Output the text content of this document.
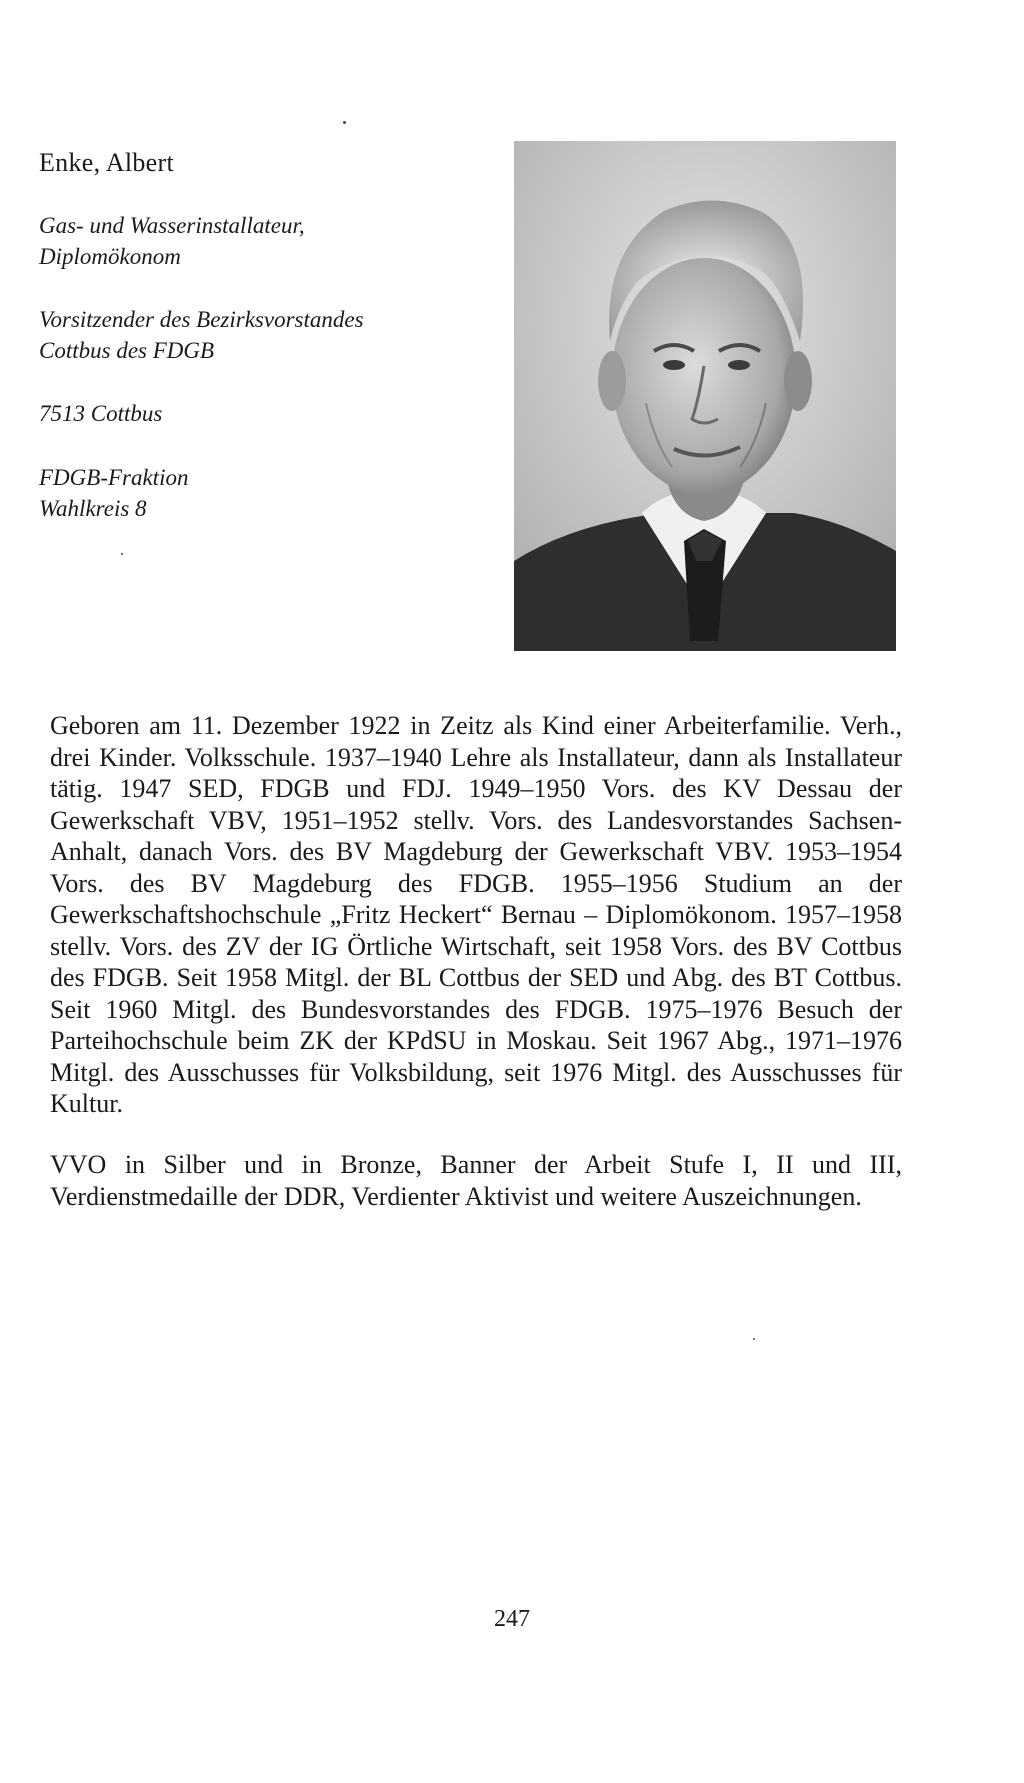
Enke, Albert
Gas- und Wasserinstallateur,
Diplomökonom
Vorsitzender des Bezirksvorstandes
Cottbus des FDGB
7513 Cottbus
FDGB-Fraktion
Wahlkreis 8

Geboren am 11. Dezember 1922 in Zeitz als Kind einer Arbeiterfamilie. Verh., drei Kinder. Volksschule. 1937–1940 Lehre als Installateur, dann als Installateur tätig. 1947 SED, FDGB und FDJ. 1949–1950 Vors. des KV Dessau der Gewerkschaft VBV, 1951–1952 stellv. Vors. des Landesvorstandes Sachsen-Anhalt, danach Vors. des BV Magdeburg der Gewerkschaft VBV. 1953–1954 Vors. des BV Magdeburg des FDGB. 1955–1956 Studium an der Gewerkschaftshochschule „Fritz Heckert“ Bernau – Diplomökonom. 1957–1958 stellv. Vors. des ZV der IG Örtliche Wirtschaft, seit 1958 Vors. des BV Cottbus des FDGB. Seit 1958 Mitgl. der BL Cottbus der SED und Abg. des BT Cottbus. Seit 1960 Mitgl. des Bundesvorstandes des FDGB. 1975–1976 Besuch der Parteihochschule beim ZK der KPdSU in Moskau. Seit 1967 Abg., 1971–1976 Mitgl. des Ausschusses für Volksbildung, seit 1976 Mitgl. des Ausschusses für Kultur.

VVO in Silber und in Bronze, Banner der Arbeit Stufe I, II und III, Verdienstmedaille der DDR, Verdienter Aktivist und weitere Auszeichnungen.

247
